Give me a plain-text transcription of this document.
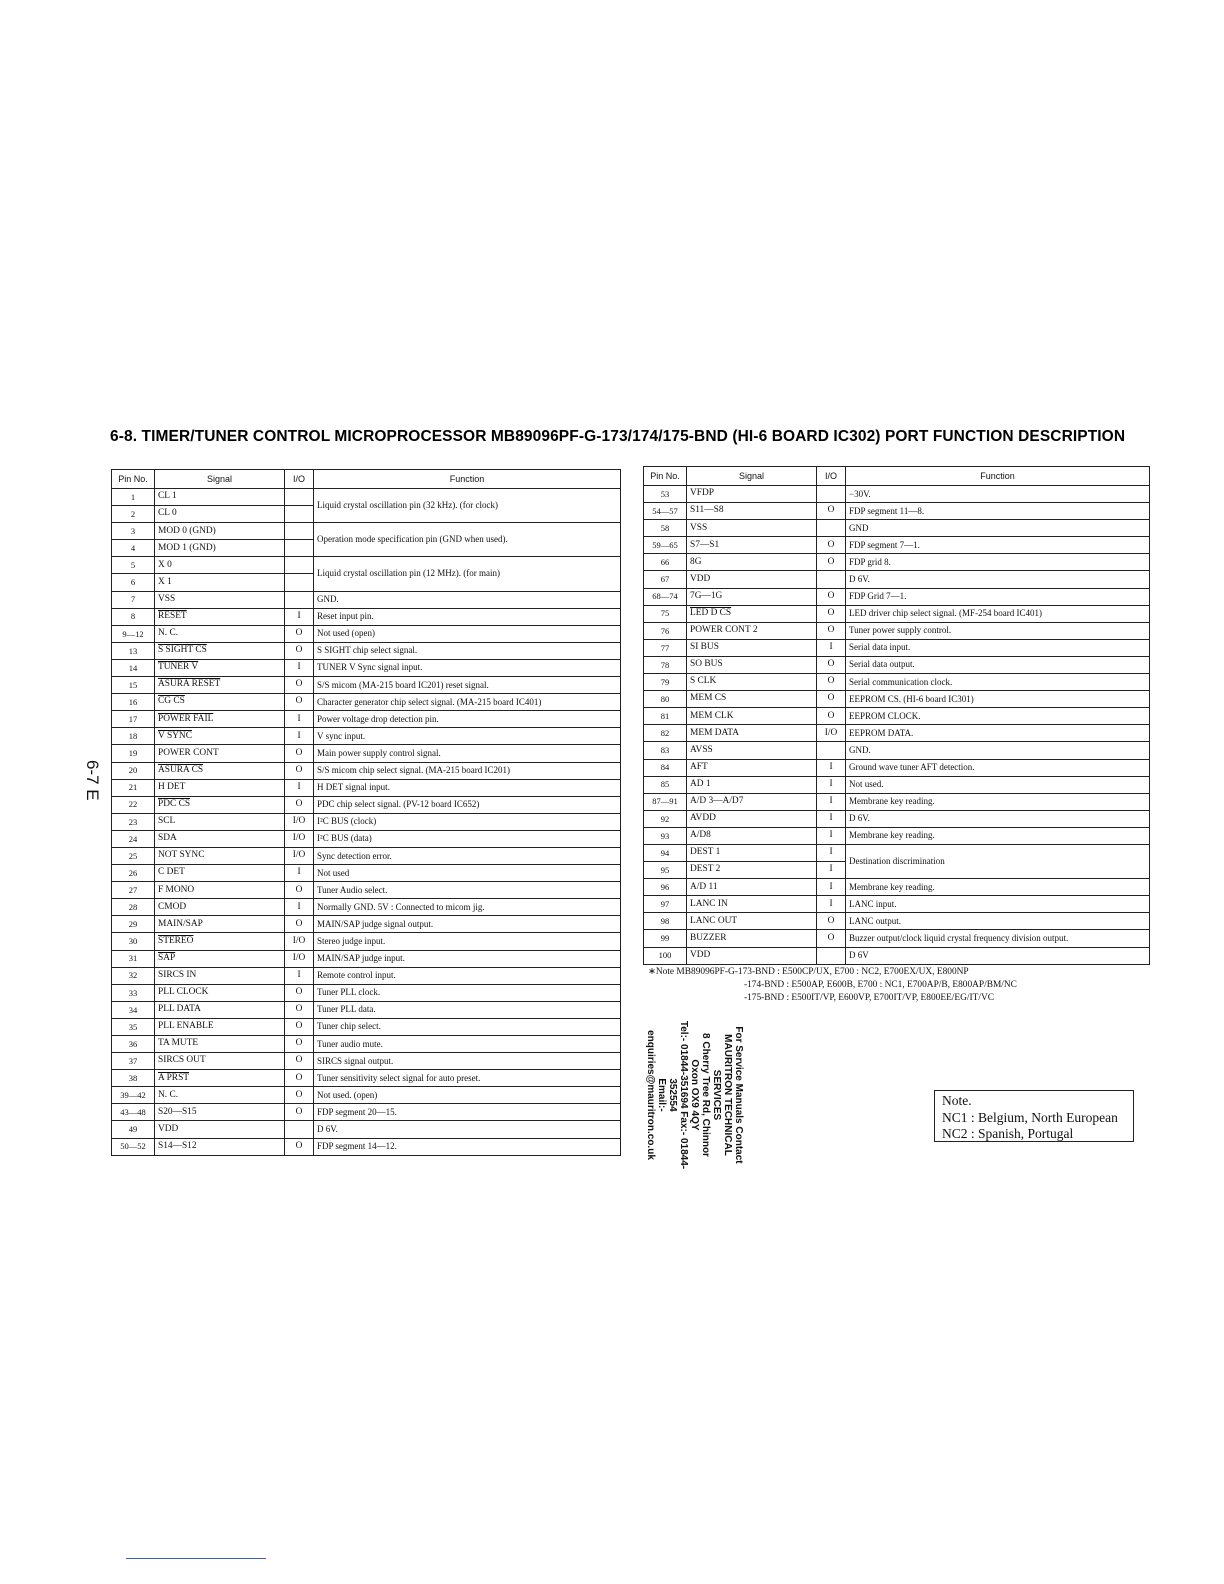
6-8. TIMER/TUNER CONTROL MICROPROCESSOR MB89096PF-G-173/174/175-BND (HI-6 BOARD IC302) PORT FUNCTION DESCRIPTION
6-7 E
Pin No.	Signal	I/O	Function
1	CL 1		Liquid crystal oscillation pin (32 kHz). (for clock)
2	CL 0		
3	MOD 0 (GND)		Operation mode specification pin (GND when used).
4	MOD 1 (GND)		
5	X 0		Liquid crystal oscillation pin (12 MHz). (for main)
6	X 1		
7	VSS		GND.
8	RESET	I	Reset input pin.
9—12	N. C.	O	Not used (open)
13	S SIGHT CS	O	S SIGHT chip select signal.
14	TUNER V	I	TUNER V Sync signal input.
15	ASURA RESET	O	S/S micom (MA-215 board IC201) reset signal.
16	CG CS	O	Character generator chip select signal. (MA-215 board IC401)
17	POWER FAIL	I	Power voltage drop detection pin.
18	V SYNC	I	V sync input.
19	POWER CONT	O	Main power supply control signal.
20	ASURA CS	O	S/S micom chip select signal. (MA-215 board IC201)
21	H DET	I	H DET signal input.
22	PDC CS	O	PDC chip select signal. (PV-12 board IC652)
23	SCL	I/O	I²C BUS (clock)
24	SDA	I/O	I²C BUS (data)
25	NOT SYNC	I/O	Sync detection error.
26	C DET	I	Not used
27	F MONO	O	Tuner Audio select.
28	CMOD	I	Normally GND. 5V : Connected to micom jig.
29	MAIN/SAP	O	MAIN/SAP judge signal output.
30	STEREO	I/O	Stereo judge input.
31	$\overline{SAP}$	I/O	MAIN/SAP judge input.
32	SIRCS IN	I	Remote control input.
33	PLL CLOCK	O	Tuner PLL clock.
34	PLL DATA	O	Tuner PLL data.
35	PLL ENABLE	O	Tuner chip select.
36	TA MUTE	O	Tuner audio mute.
37	SIRCS OUT	O	SIRCS signal output.
38	A PRST	O	Tuner sensitivity select signal for auto preset.
39—42	N. C.	O	Not used. (open)
43—48	S20—S15	O	FDP segment 20—15.
49	VDD		D 6V.
50—52	S14—S12	O	FDP segment 14—12.
Pin No.	Signal	I/O	Function
53	VFDP		−30V.
54—57	S11—S8	O	FDP segment 11—8.
58	VSS		GND
59—65	S7—S1	O	FDP segment 7—1.
66	8G	O	FDP grid 8.
67	VDD		D 6V.
68—74	7G—1G	O	FDP Grid 7—1.
75	LED D CS	O	LED driver chip select signal. (MF-254 board IC401)
76	POWER CONT 2	O	Tuner power supply control.
77	SI BUS	I	Serial data input.
78	SO BUS	O	Serial data output.
79	S CLK	O	Serial communication clock.
80	MEM CS	O	EEPROM CS. (HI-6 board IC301)
81	MEM CLK	O	EEPROM CLOCK.
82	MEM DATA	I/O	EEPROM DATA.
83	AVSS		GND.
84	AFT	I	Ground wave tuner AFT detection.
85	AD 1	I	Not used.
87—91	A/D 3—A/D7	I	Membrane key reading.
92	AVDD	I	D 6V.
93	A/D8	I	Membrane key reading.
94	DEST 1	I	Destination discrimination
95	DEST 2	I	
96	A/D 11	I	Membrane key reading.
97	LANC IN	I	LANC input.
98	LANC OUT	O	LANC output.
99	BUZZER	O	Buzzer output/clock liquid crystal frequency division output.
100	VDD		D 6V
∗Note MB89096PF-G-173-BND : E500CP/UX, E700 : NC2, E700EX/UX, E800NP
-174-BND : E500AP, E600B, E700 : NC1, E700AP/B, E800AP/BM/NC
-175-BND : E500IT/VP, E600VP, E700IT/VP, E800EE/EG/IT/VC
For Service Manuals Contact
MAURITRON TECHNICAL SERVICES
8 Cherry Tree Rd, Chinnor
Oxon OX9 4QY
Tel:- 01844-351694 Fax:- 01844-352554
Email:- enquiries@mauritron.co.uk	Note.
NC1 : Belgium, North European
NC2 : Spanish, Portugal
